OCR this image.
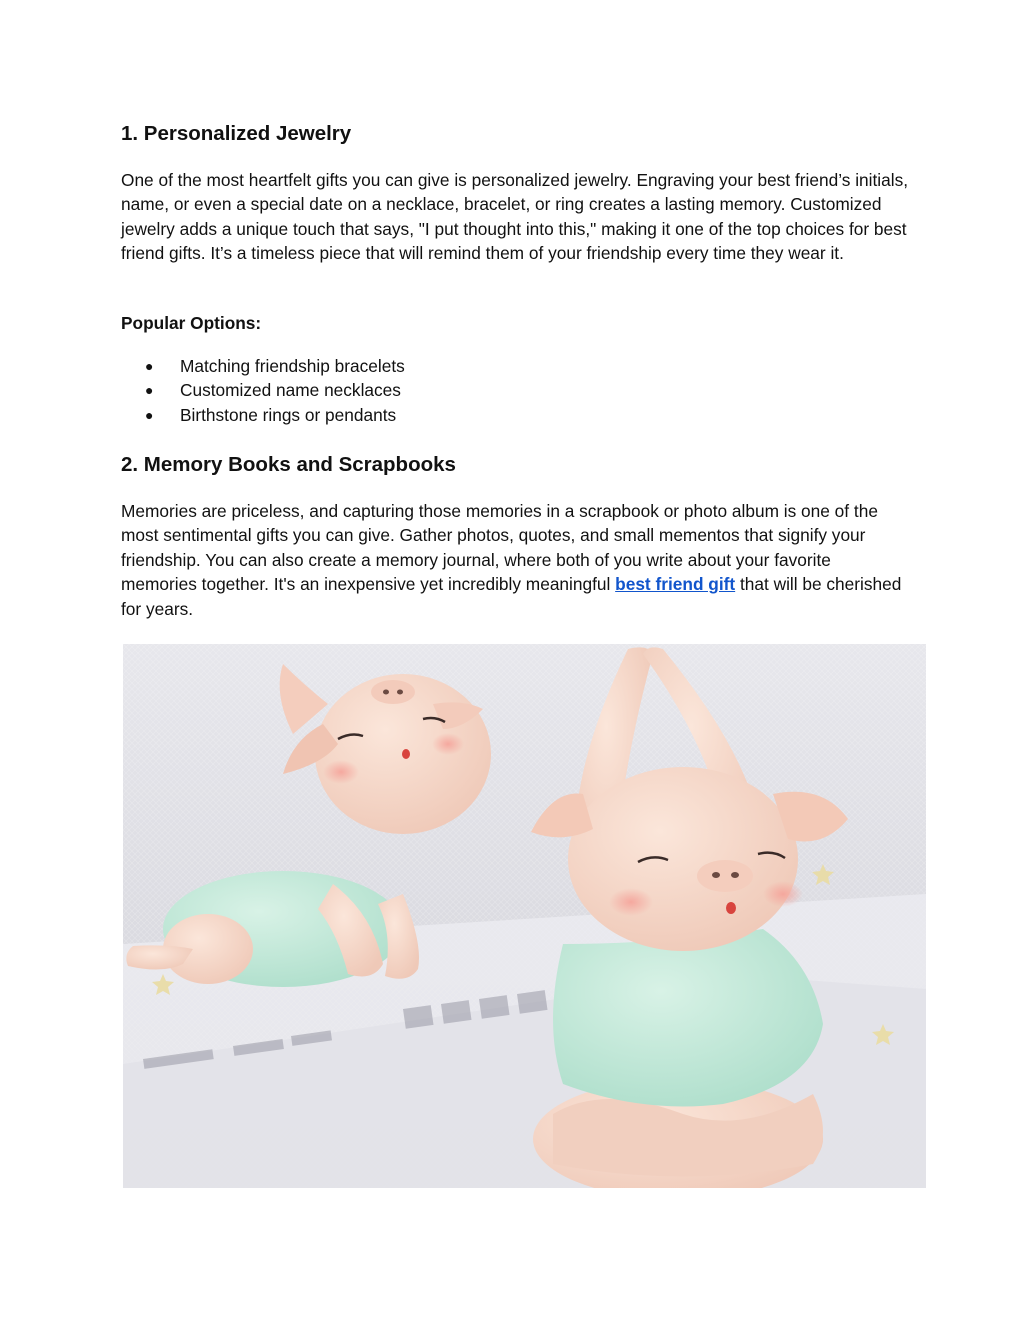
1. Personalized Jewelry

One of the most heartfelt gifts you can give is personalized jewelry. Engraving your best friend’s initials, name, or even a special date on a necklace, bracelet, or ring creates a lasting memory. Customized jewelry adds a unique touch that says, "I put thought into this," making it one of the top choices for best friend gifts. It’s a timeless piece that will remind them of your friendship every time they wear it.

Popular Options:

● Matching friendship bracelets
● Customized name necklaces
● Birthstone rings or pendants
2. Memory Books and Scrapbooks

Memories are priceless, and capturing those memories in a scrapbook or photo album is one of the most sentimental gifts you can give. Gather photos, quotes, and small mementos that signify your friendship. You can also create a memory journal, where both of you write about your favorite memories together. It's an inexpensive yet incredibly meaningful best friend gift that will be cherished for years.
